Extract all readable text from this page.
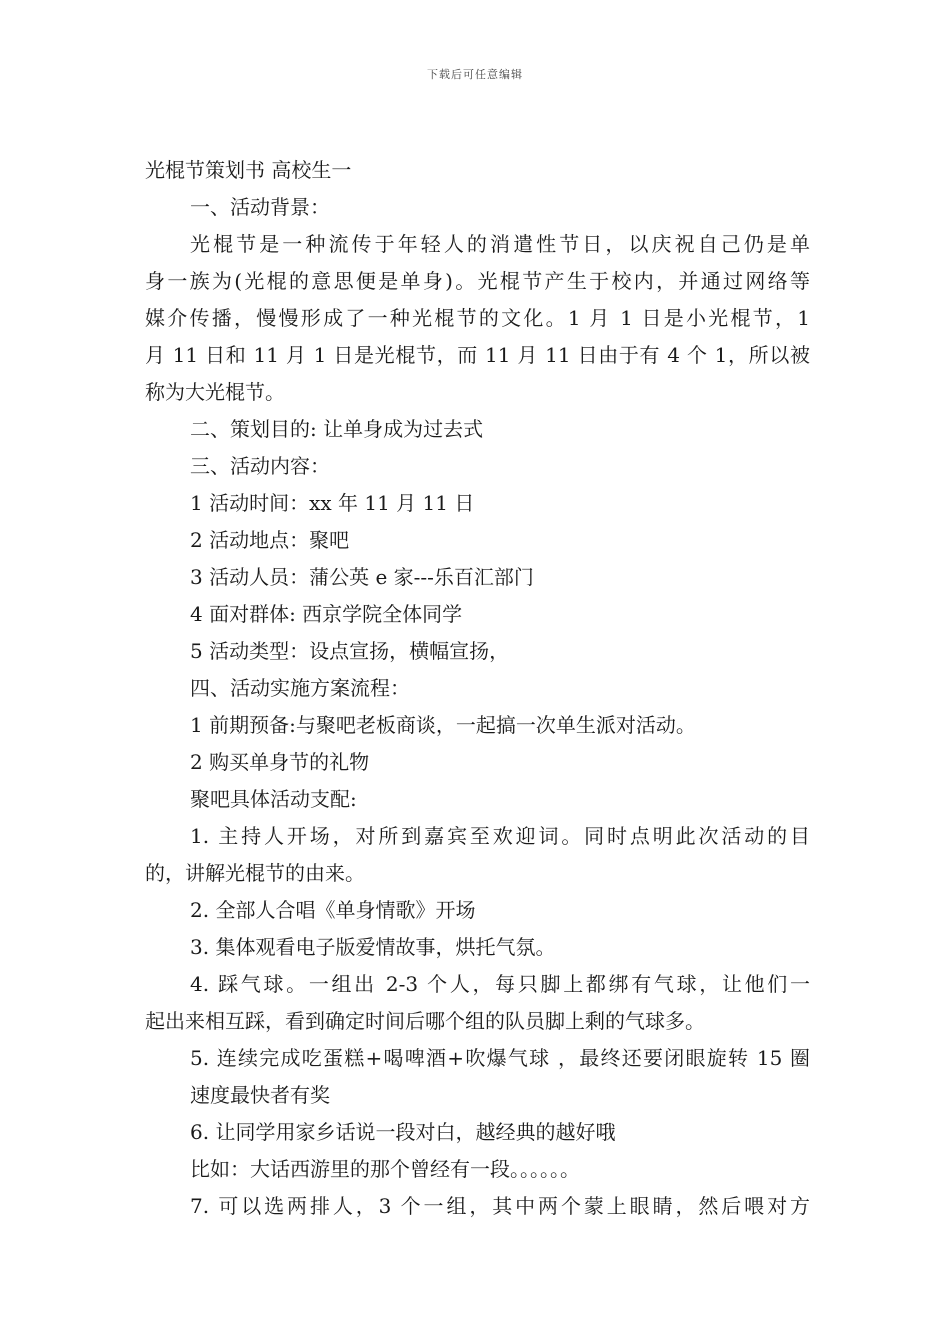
下载后可任意编辑
光棍节策划书 高校生一
一、活动背景：
光棍节是一种流传于年轻人的消遣性节日，以庆祝自己仍是单
身一族为(光棍的意思便是单身)。光棍节产生于校内，并通过网络等
媒介传播，慢慢形成了一种光棍节的文化。1 月 1 日是小光棍节，1
月 11 日和 11 月 1 日是光棍节，而 11 月 11 日由于有 4 个 1，所以被
称为大光棍节。
二、策划目的: 让单身成为过去式
三、活动内容：
1 活动时间：xx 年 11 月 11 日
2 活动地点：聚吧
3 活动人员：蒲公英 e 家---乐百汇部门
4 面对群体: 西京学院全体同学
5 活动类型：设点宣扬，横幅宣扬，
四、活动实施方案流程：
1 前期预备:与聚吧老板商谈，一起搞一次单生派对活动。
2 购买单身节的礼物
聚吧具体活动支配:
1. 主持人开场，对所到嘉宾至欢迎词。同时点明此次活动的目
的，讲解光棍节的由来。
2. 全部人合唱《单身情歌》开场
3. 集体观看电子版爱情故事，烘托气氛。
4. 踩气球。一组出 2-3 个人，每只脚上都绑有气球，让他们一
起出来相互踩，看到确定时间后哪个组的队员脚上剩的气球多。
5. 连续完成吃蛋糕+喝啤酒+吹爆气球 ，最终还要闭眼旋转 15 圈
速度最快者有奖
6. 让同学用家乡话说一段对白，越经典的越好哦
比如：大话西游里的那个曾经有一段。。。。。。
7. 可以选两排人，3 个一组，其中两个蒙上眼睛，然后喂对方
